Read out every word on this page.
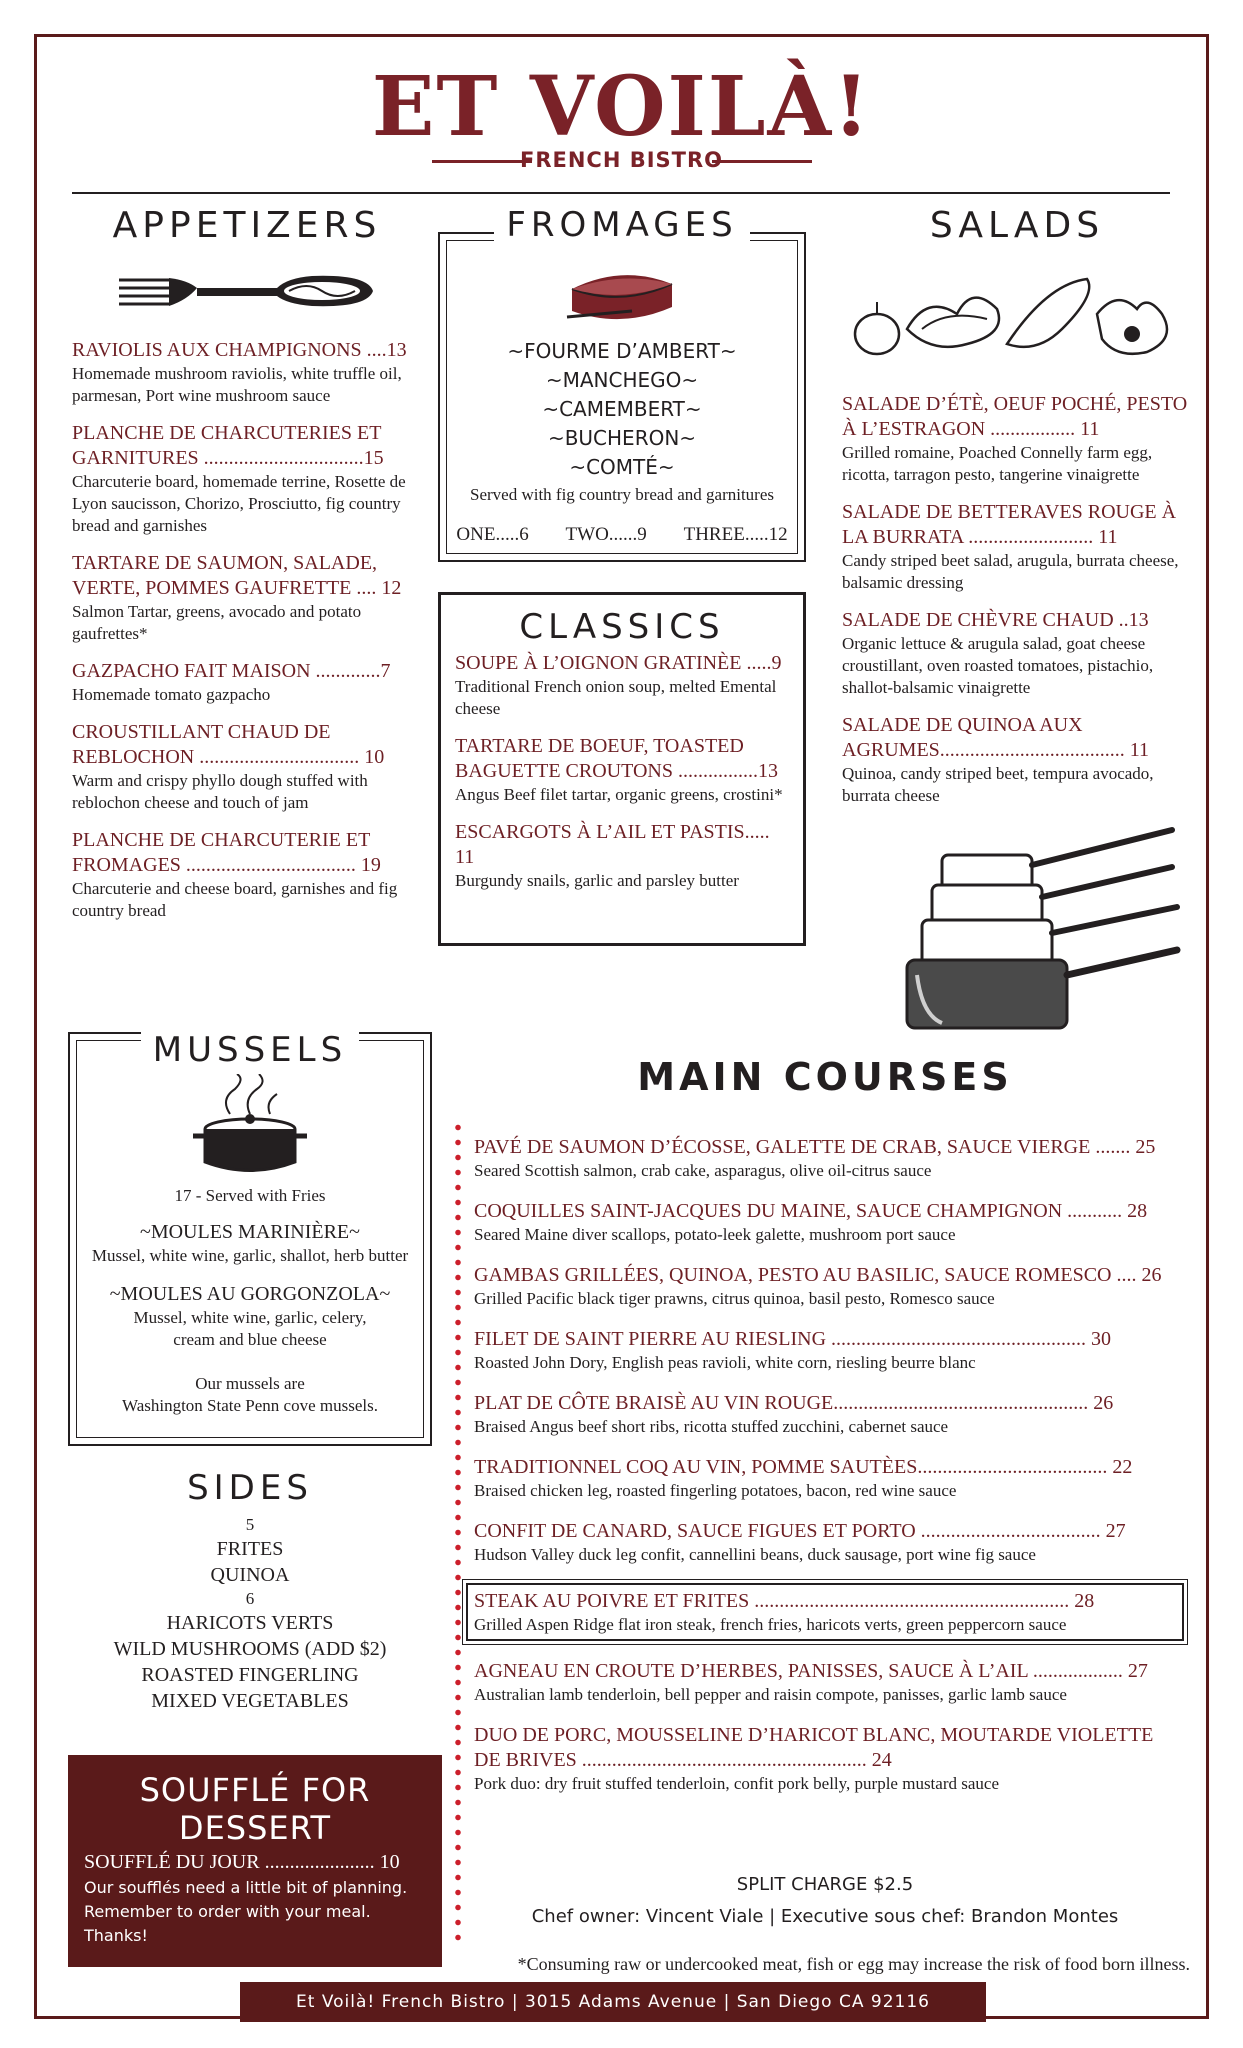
ET VOILÀ!
FRENCH BISTRO
APPETIZERS
RAVIOLIS AUX CHAMPIGNONS ....13
Homemade mushroom raviolis, white truffle oil, parmesan, Port wine mushroom sauce
PLANCHE DE CHARCUTERIES ET GARNITURES ................................15
Charcuterie board, homemade terrine, Rosette de Lyon saucisson, Chorizo, Prosciutto, fig country bread and garnishes
TARTARE DE SAUMON, SALADE, VERTE, POMMES GAUFRETTE .... 12
Salmon Tartar, greens, avocado and potato gaufrettes*
GAZPACHO FAIT MAISON .............7
Homemade tomato gazpacho
CROUSTILLANT CHAUD DE REBLOCHON ................................ 10
Warm and crispy phyllo dough stuffed with reblochon cheese and touch of jam
PLANCHE DE CHARCUTERIE ET FROMAGES .................................. 19
Charcuterie and cheese board, garnishes and fig country bread
FROMAGES
~FOURME D’AMBERT~
~MANCHEGO~
~CAMEMBERT~
~BUCHERON~
~COMTÉ~
Served with fig country bread and garnitures
ONE.....6 TWO......9 THREE.....12
CLASSICS
SOUPE À L’OIGNON GRATINÈE .....9
Traditional French onion soup, melted Emental cheese
TARTARE DE BOEUF, TOASTED BAGUETTE CROUTONS ................13
Angus Beef filet tartar, organic greens, crostini*
ESCARGOTS À L’AIL ET PASTIS..... 11
Burgundy snails, garlic and parsley butter
SALADS
SALADE D’ÉTÈ, OEUF POCHÉ, PESTO À L’ESTRAGON ................. 11
Grilled romaine, Poached Connelly farm egg, ricotta, tarragon pesto, tangerine vinaigrette
SALADE DE BETTERAVES ROUGE À LA BURRATA ......................... 11
Candy striped beet salad, arugula, burrata cheese, balsamic dressing
SALADE DE CHÈVRE CHAUD ..13
Organic lettuce & arugula salad, goat cheese croustillant, oven roasted tomatoes, pistachio, shallot-balsamic vinaigrette
SALADE DE QUINOA AUX AGRUMES..................................... 11
Quinoa, candy striped beet, tempura avocado, burrata cheese
MUSSELS
17 - Served with Fries
~MOULES MARINIÈRE~
Mussel, white wine, garlic, shallot, herb butter
~MOULES AU GORGONZOLA~
Mussel, white wine, garlic, celery, cream and blue cheese
Our mussels are
Washington State Penn cove mussels.
SIDES
5
FRITES
QUINOA
6
HARICOTS VERTS
WILD MUSHROOMS (ADD $2)
ROASTED FINGERLING
MIXED VEGETABLES
SOUFFLÉ FOR DESSERT
SOUFFLÉ DU JOUR ...................... 10
Our soufflés need a little bit of planning. Remember to order with your meal. Thanks!
MAIN COURSES
PAVÉ DE SAUMON D’ÉCOSSE, GALETTE DE CRAB, SAUCE VIERGE ....... 25
Seared Scottish salmon, crab cake, asparagus, olive oil-citrus sauce
COQUILLES SAINT-JACQUES DU MAINE, SAUCE CHAMPIGNON ........... 28
Seared Maine diver scallops, potato-leek galette, mushroom port sauce
GAMBAS GRILLÉES, QUINOA, PESTO AU BASILIC, SAUCE ROMESCO .... 26
Grilled Pacific black tiger prawns, citrus quinoa, basil pesto, Romesco sauce
FILET DE SAINT PIERRE AU RIESLING ................................................... 30
Roasted John Dory, English peas ravioli, white corn, riesling beurre blanc
PLAT DE CÔTE BRAISÈ AU VIN ROUGE................................................... 26
Braised Angus beef short ribs, ricotta stuffed zucchini, cabernet sauce
TRADITIONNEL COQ AU VIN, POMME SAUTÈES...................................... 22
Braised chicken leg, roasted fingerling potatoes, bacon, red wine sauce
CONFIT DE CANARD, SAUCE FIGUES ET PORTO .................................... 27
Hudson Valley duck leg confit, cannellini beans, duck sausage, port wine fig sauce
STEAK AU POIVRE ET FRITES ............................................................... 28
Grilled Aspen Ridge flat iron steak, french fries, haricots verts, green peppercorn sauce
AGNEAU EN CROUTE D’HERBES, PANISSES, SAUCE À L’AIL .................. 27
Australian lamb tenderloin, bell pepper and raisin compote, panisses, garlic lamb sauce
DUO DE PORC, MOUSSELINE D’HARICOT BLANC, MOUTARDE VIOLETTE DE BRIVES ......................................................... 24
Pork duo: dry fruit stuffed tenderloin, confit pork belly, purple mustard sauce
SPLIT CHARGE $2.5
Chef owner: Vincent Viale | Executive sous chef: Brandon Montes
*Consuming raw or undercooked meat, fish or egg may increase the risk of food born illness.
Et Voilà! French Bistro | 3015 Adams Avenue | San Diego CA 92116
